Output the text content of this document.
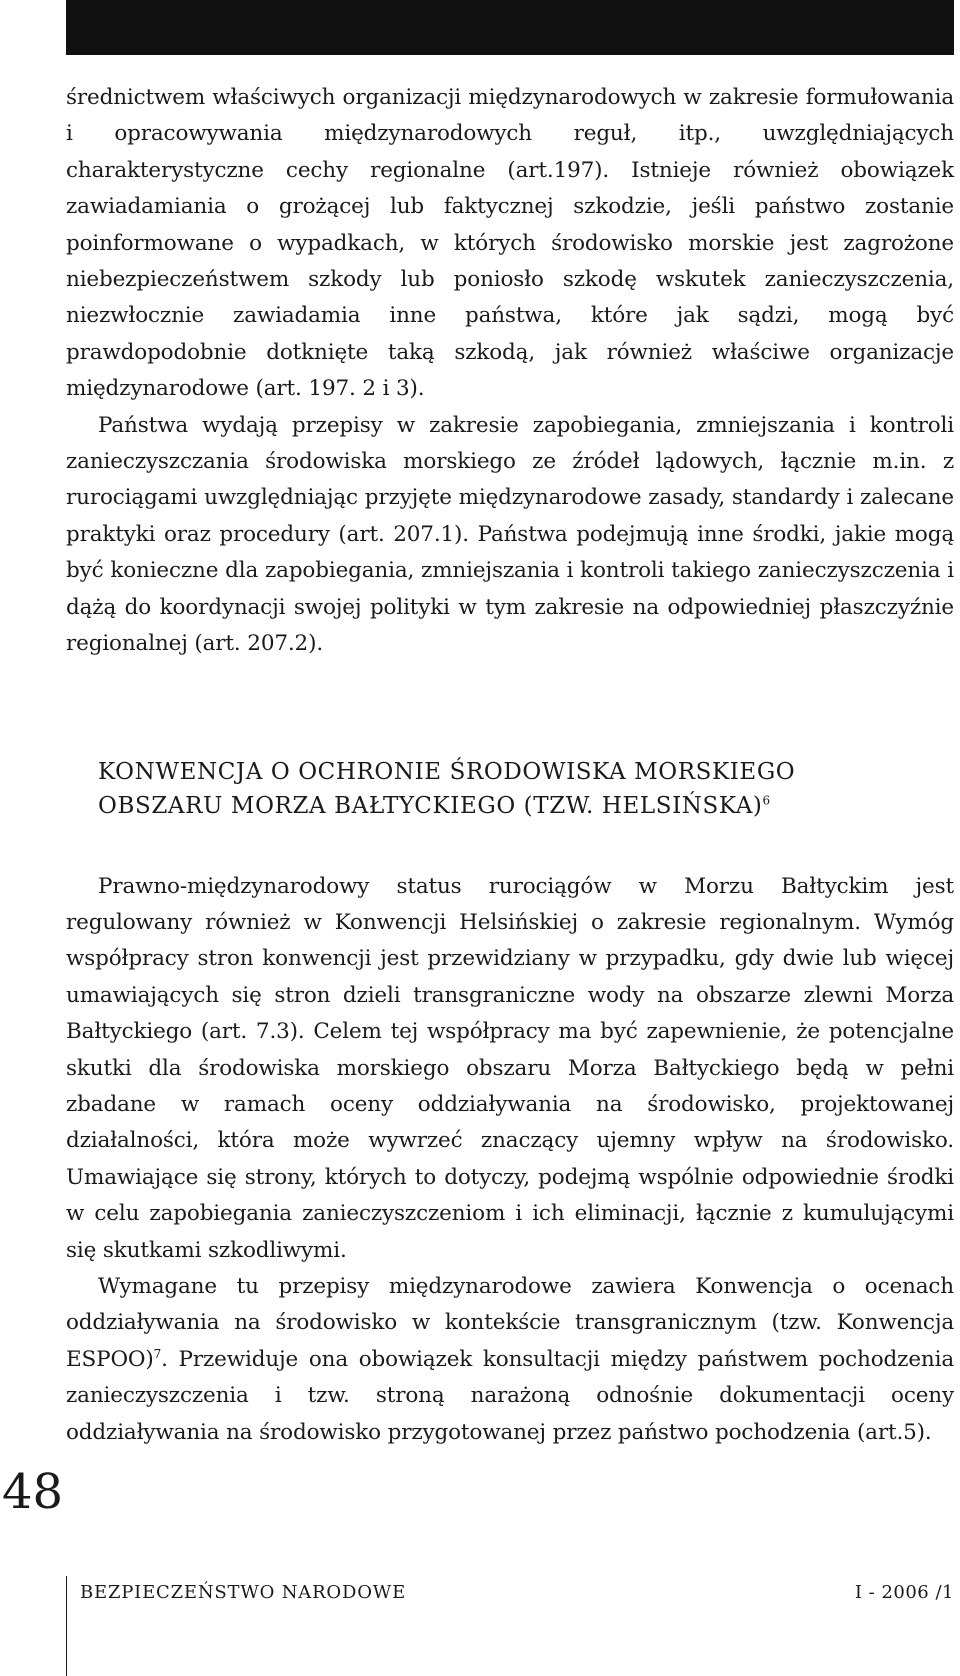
średnictwem właściwych organizacji międzynarodowych w zakresie formułowania i opracowywania międzynarodowych reguł, itp., uwzględniających charakterystyczne cechy regionalne (art.197). Istnieje również obowiązek zawiadamiania o grożącej lub faktycznej szkodzie, jeśli państwo zostanie poinformowane o wypadkach, w których środowisko morskie jest zagrożone niebezpieczeństwem szkody lub poniosło szkodę wskutek zanieczyszczenia, niezwłocznie zawiadamia inne państwa, które jak sądzi, mogą być prawdopodobnie dotknięte taką szkodą, jak również właściwe organizacje międzynarodowe (art. 197. 2 i 3).

Państwa wydają przepisy w zakresie zapobiegania, zmniejszania i kontroli zanieczyszczania środowiska morskiego ze źródeł lądowych, łącznie m.in. z rurociągami uwzględniając przyjęte międzynarodowe zasady, standardy i zalecane praktyki oraz procedury (art. 207.1). Państwa podejmują inne środki, jakie mogą być konieczne dla zapobiegania, zmniejszania i kontroli takiego zanieczyszczenia i dążą do koordynacji swojej polityki w tym zakresie na odpowiedniej płaszczyźnie regionalnej (art. 207.2).

KONWENCJA O OCHRONIE ŚRODOWISKA MORSKIEGO
OBSZARU MORZA BAŁTYCKIEGO (TZW. HELSIŃSKA)$^6$

Prawno-międzynarodowy status rurociągów w Morzu Bałtyckim jest regulowany również w Konwencji Helsińskiej o zakresie regionalnym. Wymóg współpracy stron konwencji jest przewidziany w przypadku, gdy dwie lub więcej umawiających się stron dzieli transgraniczne wody na obszarze zlewni Morza Bałtyckiego (art. 7.3). Celem tej współpracy ma być zapewnienie, że potencjalne skutki dla środowiska morskiego obszaru Morza Bałtyckiego będą w pełni zbadane w ramach oceny oddziaływania na środowisko, projektowanej działalności, która może wywrzeć znaczący ujemny wpływ na środowisko. Umawiające się strony, których to dotyczy, podejmą wspólnie odpowiednie środki w celu zapobiegania zanieczyszczeniom i ich eliminacji, łącznie z kumulującymi się skutkami szkodliwymi.

Wymagane tu przepisy międzynarodowe zawiera Konwencja o ocenach oddziaływania na środowisko w kontekście transgranicznym (tzw. Konwencja ESPOO)$^7$. Przewiduje ona obowiązek konsultacji między państwem pochodzenia zanieczyszczenia i tzw. stroną narażoną odnośnie dokumentacji oceny oddziaływania na środowisko przygotowanej przez państwo pochodzenia (art.5).

48
BEZPIECZEŃSTWO NARODOWE	I - 2006 /1
